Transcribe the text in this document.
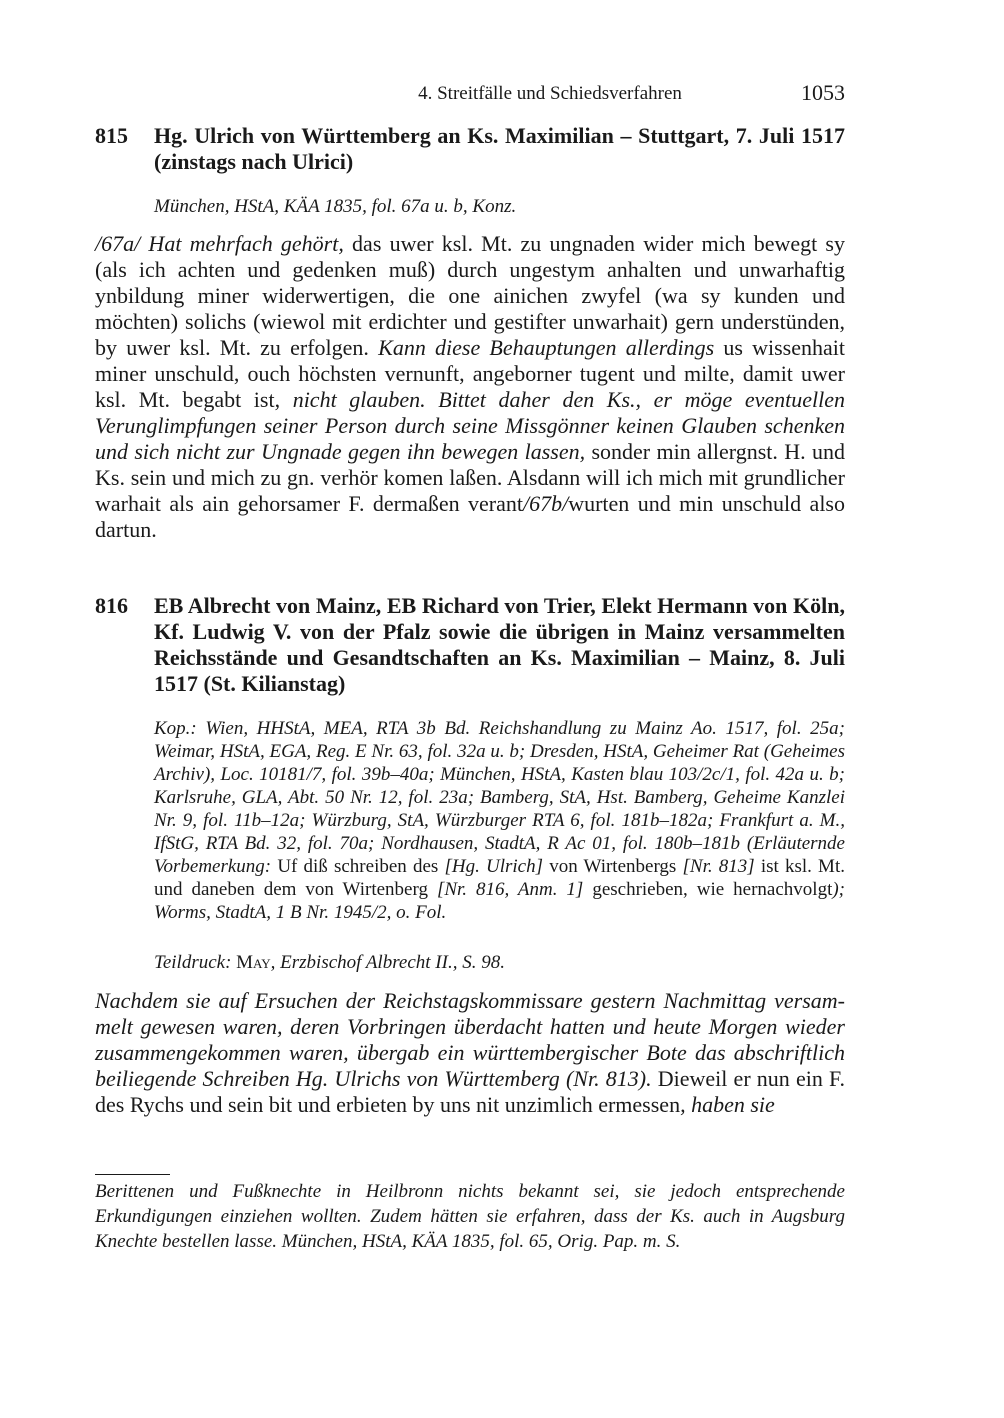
4. Streitfälle und Schiedsverfahren	1053
815 Hg. Ulrich von Württemberg an Ks. Maximilian – Stuttgart, 7. Juli 1517 (zinstags nach Ulrici)
München, HStA, KÄA 1835, fol. 67a u. b, Konz.
/67a/ Hat mehrfach gehört, das uwer ksl. Mt. zu ungnaden wider mich bewegt sy (als ich achten und gedenken muß) durch ungestym anhalten und unwarhaftig ynbildung miner widerwertigen, die one ainichen zwyfel (wa sy kunden und möchten) solichs (wiewol mit erdichter und gestifter unwarhait) gern understünden, by uwer ksl. Mt. zu erfolgen. Kann diese Behauptungen allerdings us wissenhait miner unschuld, ouch höchsten vernunft, angeborner tugent und milte, damit uwer ksl. Mt. begabt ist, nicht glauben. Bittet daher den Ks., er möge eventuellen Verunglimpfungen seiner Person durch seine Missgönner keinen Glauben schenken und sich nicht zur Ungnade gegen ihn bewegen lassen, sonder min allergnst. H. und Ks. sein und mich zu gn. verhör komen laßen. Alsdann will ich mich mit grundlicher warhait als ain gehorsamer F. dermaßen verant/67b/wurten und min unschuld also dartun.
816 EB Albrecht von Mainz, EB Richard von Trier, Elekt Hermann von Köln, Kf. Ludwig V. von der Pfalz sowie die übrigen in Mainz versammelten Reichsstände und Gesandtschaften an Ks. Maximilian – Mainz, 8. Juli 1517 (St. Kilianstag)
Kop.: Wien, HHStA, MEA, RTA 3b Bd. Reichshandlung zu Mainz Ao. 1517, fol. 25a; Weimar, HStA, EGA, Reg. E Nr. 63, fol. 32a u. b; Dresden, HStA, Geheimer Rat (Geheimes Archiv), Loc. 10181/7, fol. 39b–40a; München, HStA, Kasten blau 103/2c/1, fol. 42a u. b; Karlsruhe, GLA, Abt. 50 Nr. 12, fol. 23a; Bamberg, StA, Hst. Bamberg, Geheime Kanzlei Nr. 9, fol. 11b–12a; Würzburg, StA, Würzburger RTA 6, fol. 181b–182a; Frankfurt a. M., IfStG, RTA Bd. 32, fol. 70a; Nordhausen, StadtA, R Ac 01, fol. 180b–181b (Erläuternde Vorbemerkung: Uf diß schreiben des [Hg. Ulrich] von Wirtenbergs [Nr. 813] ist ksl. Mt. und daneben dem von Wirtenberg [Nr. 816, Anm. 1] geschrieben, wie hernachvolgt); Worms, StadtA, 1 B Nr. 1945/2, o. Fol.
Teildruck: May, Erzbischof Albrecht II., S. 98.
Nachdem sie auf Ersuchen der Reichstagskommissare gestern Nachmittag versammelt gewesen waren, deren Vorbringen überdacht hatten und heute Morgen wieder zusammengekommen waren, übergab ein württembergischer Bote das abschriftlich beiliegende Schreiben Hg. Ulrichs von Württemberg (Nr. 813). Dieweil er nun ein F. des Rychs und sein bit und erbieten by uns nit unzimlich ermessen, haben sie
Berittenen und Fußknechte in Heilbronn nichts bekannt sei, sie jedoch entsprechende Erkundigungen einziehen wollten. Zudem hätten sie erfahren, dass der Ks. auch in Augsburg Knechte bestellen lasse. München, HStA, KÄA 1835, fol. 65, Orig. Pap. m. S.
